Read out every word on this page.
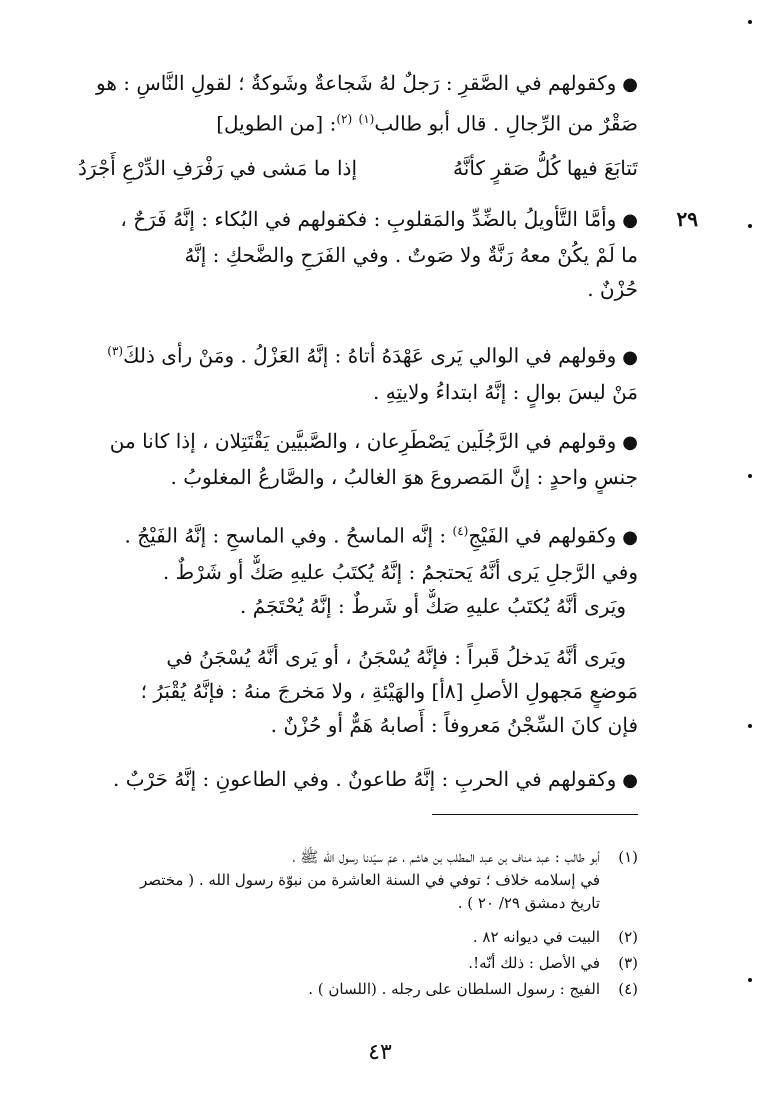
●وكقولهم في الصَّقرِ : رَجلٌ لهُ شَجاعةٌ وشَوكةٌ ؛ لقولِ النَّاسِ : هو
صَقْرٌ من الرِّجالِ . قال أبو طالب$^{(١)}$ $^{(٢)}$: [من الطويل]
تَتابَعَ فيها كُلُّ صَقرٍ كأنَّهُ
إذا ما مَشى في رَفْرَفِ الدِّرْعِ أَجْرَدُ
٢٩
●وأمَّا التَّأويلُ بالضِّدِّ والمَقلوبِ : فكقولهم في البُكاء : إنَّهُ فَرَحٌ ،
ما لَمْ يكُنْ معهُ رَنَّةٌ ولا صَوتٌ . وفي الفَرَحِ والضَّحكِ : إنَّهُ
حُزْنٌ .
●وقولهم في الوالي يَرى عَهْدَهُ أتاهُ : إنَّهُ العَزْلُ . ومَنْ رأى ذلكَ$^{(٣)}$
مَنْ ليسَ بوالٍ : إنَّهُ ابتداءُ ولايتِهِ .
●وقولهم في الرَّجُلَين يَصْطَرِعان ، والصَّبيَّين يَقْتَتِلان ، إذا كانا من
جنسٍ واحدٍ : إنَّ المَصروعَ هوَ الغالبُ ، والصَّارعُ المغلوبُ .
●وكقولهم في الفَيْجِ$^{(٤)}$ : إنَّه الماسحُ . وفي الماسحِ : إنَّهُ الفَيْجُ .
وفي الرَّجلِ يَرى أنَّهُ يَحتجمُ : إنَّهُ يُكتَبُ عليهِ صَكٌّ أو شَرْطٌ .
ويَرى أنَّهُ يُكتَبُ عليهِ صَكٌّ أو شَرطٌ : إنَّهُ يُحْتَجَمُ .
ويَرى أنَّهُ يَدخلُ قَبراً : فإنَّهُ يُسْجَنُ ، أو يَرى أنَّهُ يُسْجَنُ في
مَوضعٍ مَجهولِ الأصلِ [٨أ] والهَيْئةِ ، ولا مَخرجَ منهُ : فإنَّهُ يُقْبَرُ ؛
فإن كانَ السِّجْنُ مَعروفاً : أَصابهُ هَمٌّ أو حُزْنٌ .
●وكقولهم في الحربِ : إنَّهُ طاعونٌ . وفي الطاعونِ : إنَّهُ حَرْبٌ .
(١)أبو طالب : عبد مناف بن عبد المطلب بن هاشم ، عمّ سيّدنا رسول الله ﷺ ،
في إسلامه خلاف ؛ توفي في السنة العاشرة من نبوّة رسول الله . ( مختصر
تاريخ دمشق ٢٩/ ٢٠ ) .
(٢)البيت في ديوانه ٨٢ .
(٣)في الأصل : ذلك أنّه!.
(٤)الفيج : رسول السلطان على رجله . (اللسان ) .
٤٣
